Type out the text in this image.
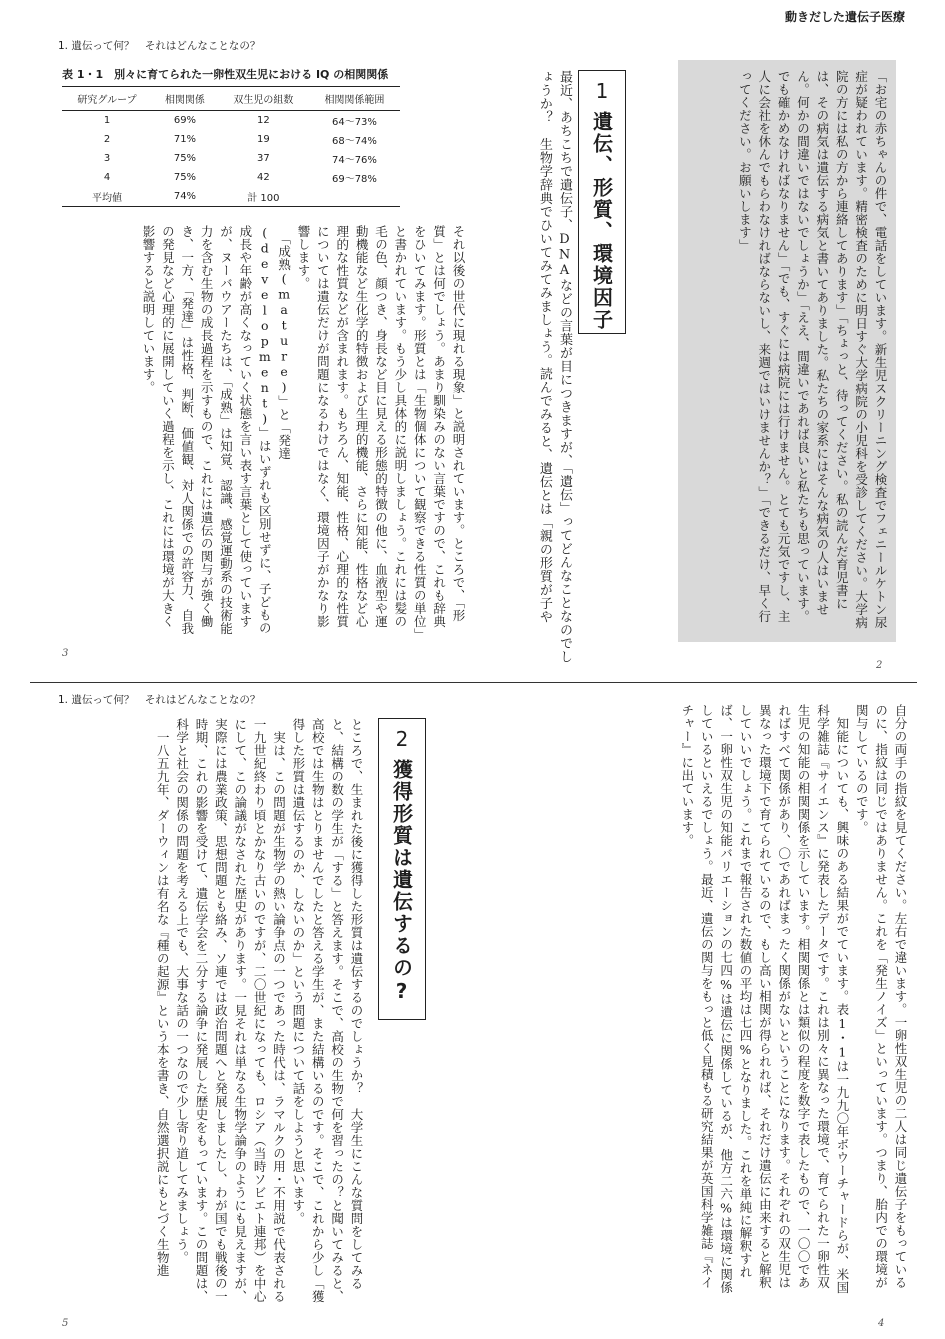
動きだした遺伝子医療
1. 遺伝って何？　それはどんなことなの？
表 1・1　別々に育てられた一卵性双生児における IQ の相関関係
研究グループ	相関関係	双生児の組数	相関関係範囲
1	69%	12	64〜73%
2	71%	19	68〜74%
3	75%	37	74〜76%
4	75%	42	69〜78%
平均値	74%	計 100	
1
遺伝、形質、環境因子
最近、あちこちで遺伝子、DNAなどの言葉が目につきますが、「遺伝」ってどんなことなのでしょうか？　生物学辞典でひいてみてみましょう。読んでみると、遺伝とは「親の形質が子や
それ以後の世代に現れる現象」と説明されています。ところで、「形質」とは何でしょう。あまり馴染みのない言葉ですので、これも辞典をひいてみます。形質とは「生物個体について観察できる性質の単位」と書かれています。もう少し具体的に説明しましょう。これには髪の毛の色、顔つき、身長など目に見える形態的特徴の他に、血液型や運動機能など生化学的特徴および生理的機能、さらに知能、性格など心理的な性質などが含まれます。もちろん、知能、性格、心理的な性質については遺伝だけが問題になるわけではなく、環境因子がかなり影響します。
　「成熟(mature)」と「発達(development)」はいずれも区別せずに、子どもの成長や年齢が高くなっていく状態を言い表す言葉として使っていますが、ヌーバウアーたちは、「成熟」は知覚、認識、感覚運動系の技術能力を含む生物の成長過程を示すもので、これには遺伝の関与が強く働き、一方、「発達」は性格、判断、価値観、対人関係での許容力、自我の発見など心理的に展開していく過程を示し、これには環境が大きく影響すると説明しています。
3
「お宅の赤ちゃんの件で、電話をしています。新生児スクリーニング検査でフェニールケトン尿症が疑われています。精密検査のために明日すぐ大学病院の小児科を受診してください。大学病院の方には私の方から連絡してあります」「ちょっと、待ってください。私の読んだ育児書には、その病気は遺伝する病気と書いてありました。私たちの家系にはそんな病気の人はいません。何かの間違いではないでしょうか」「ええ、間違いであれば良いと私たちも思っています。でも確かめなければなりません」「でも、すぐには病院には行けません。とても元気ですし、主人に会社を休んでもらわなければならないし、来週ではいけませんか？」「できるだけ、早く行ってください。お願いします」
2
1. 遺伝って何？　それはどんなことなの？
2
獲得形質は遺伝するの?
ところで、生まれた後に獲得した形質は遺伝するのでしょうか？　大学生にこんな質問をしてみると、結構の数の学生が「する」と答えます。そこで、高校の生物で何を習ったの？と聞いてみると、高校では生物はとりませんでしたと答える学生が、また結構いるのです。そこで、これから少し「獲得した形質は遺伝するのか、しないのか」という問題について話をしようと思います。
　実は、この問題が生物学の熱い論争点の一つであった時代は、ラマルクの用・不用説で代表される一九世紀終わり頃とかなり古いのですが、二〇世紀になっても、ロシア（当時ソビエト連邦）を中心にして、この論議がなされた歴史があります。一見それは単なる生物学論争のようにも見えますが、実際には農業政策、思想問題とも絡み、ソ連では政治問題へと発展しましたし、わが国でも戦後の一時期、これの影響を受けて、遺伝学会を二分する論争に発展した歴史をもっています。この問題は、科学と社会の関係の問題を考える上でも、大事な話の一つなので少し寄り道してみましょう。
　一八五九年、ダーウィンは有名な『種の起源』という本を書き、自然選択説にもとづく生物進
5
自分の両手の指紋を見てください。左右で違います。一卵性双生児の二人は同じ遺伝子をもっているのに、指紋は同じではありません。これを「発生ノイズ」といっています。つまり、胎内での環境が関与しているのです。
　知能についても、興味のある結果がでています。表1・1は一九九〇年ボウーチャードらが、米国科学雑誌『サイエンス』に発表したデータです。これは別々に異なった環境で、育てられた一卵性双生児の知能の相関関係を示しています。相関関係とは類似の程度を数字で表したもので、一〇〇であればすべて関係があり、〇であればまったく関係がないということになります。それぞれの双生児は異なった環境下で育てられているので、もし高い相関が得られれば、それだけ遺伝に由来すると解釈していいでしょう。これまで報告された数値の平均は七四%となりました。これを単純に解釈すれば、一卵性双生児の知能バリエーションの七四%は遺伝に関係しているが、他方二六%は環境に関係しているといえるでしょう。最近、遺伝の関与をもっと低く見積もる研究結果が英国科学雑誌『ネイチャー』に出ています。
4
